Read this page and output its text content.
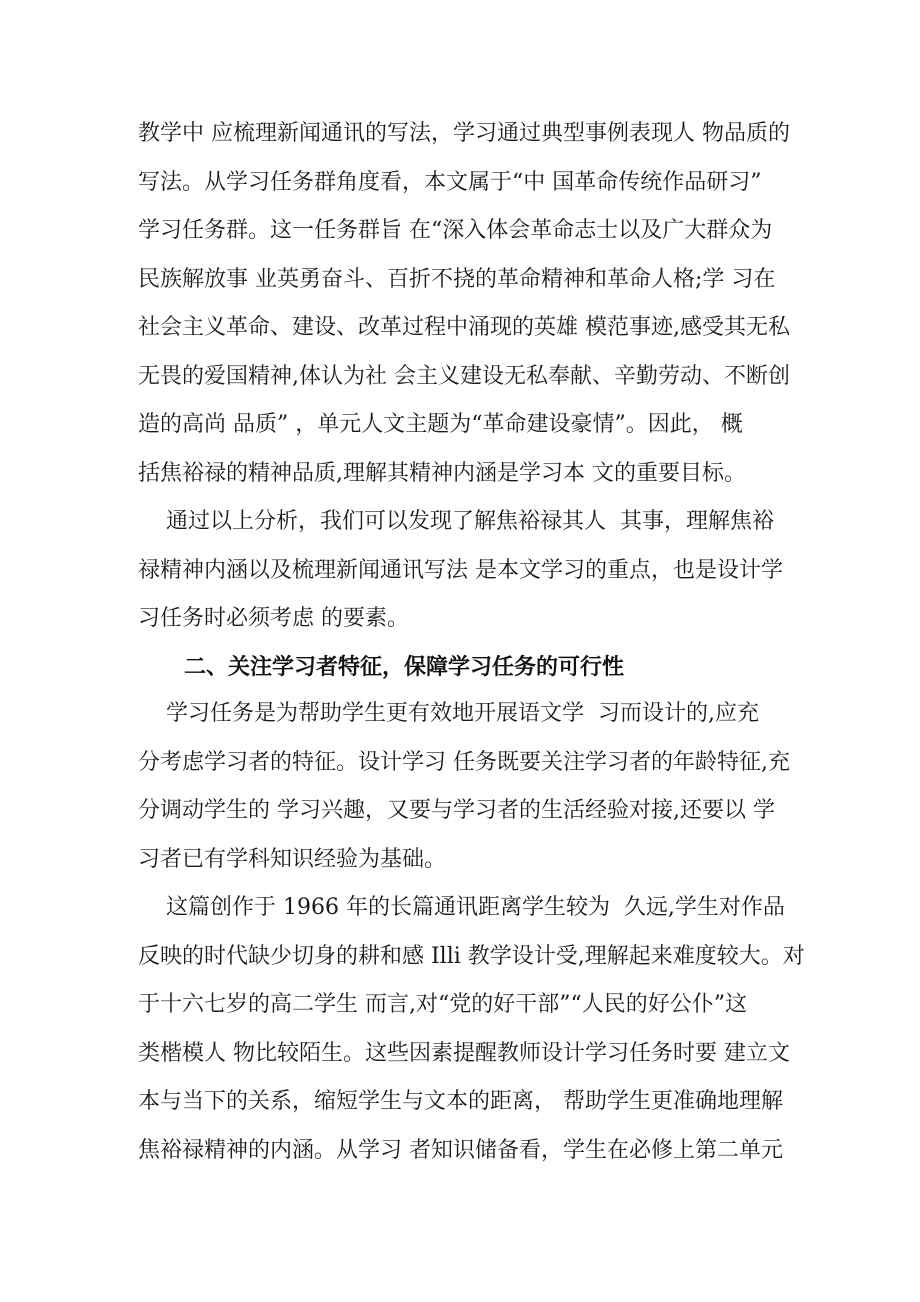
教学中 应梳理新闻通讯的写法，学习通过典型事例表现人 物品质的
写法。从学习任务群角度看，本文属于“中 国革命传统作品研习”
学习任务群。这一任务群旨 在“深入体会革命志士以及广大群众为
民族解放事 业英勇奋斗、百折不挠的革命精神和革命人格;学 习在
社会主义革命、建设、改革过程中涌现的英雄 模范事迹,感受其无私
无畏的爱国精神,体认为社 会主义建设无私奉献、辛勤劳动、不断创
造的高尚 品质” ，单元人文主题为“革命建设豪情”。因此， 概
括焦裕禄的精神品质,理解其精神内涵是学习本 文的重要目标。
通过以上分析，我们可以发现了解焦裕禄其人  其事，理解焦裕
禄精神内涵以及梳理新闻通讯写法 是本文学习的重点，也是设计学
习任务时必须考虑 的要素。
二、关注学习者特征，保障学习任务的可行性
学习任务是为帮助学生更有效地开展语文学  习而设计的,应充
分考虑学习者的特征。设计学习 任务既要关注学习者的年龄特征,充
分调动学生的 学习兴趣，又要与学习者的生活经验对接,还要以 学
习者已有学科知识经验为基础。
这篇创作于 1966 年的长篇通讯距离学生较为  久远,学生对作品
反映的时代缺少切身的耕和感 Illi 教学设计受,理解起来难度较大。对
于十六七岁的高二学生 而言,对“党的好干部”“人民的好公仆”这
类楷模人 物比较陌生。这些因素提醒教师设计学习任务时要 建立文
本与当下的关系，缩短学生与文本的距离， 帮助学生更准确地理解
焦裕禄精神的内涵。从学习 者知识储备看，学生在必修上第二单元
